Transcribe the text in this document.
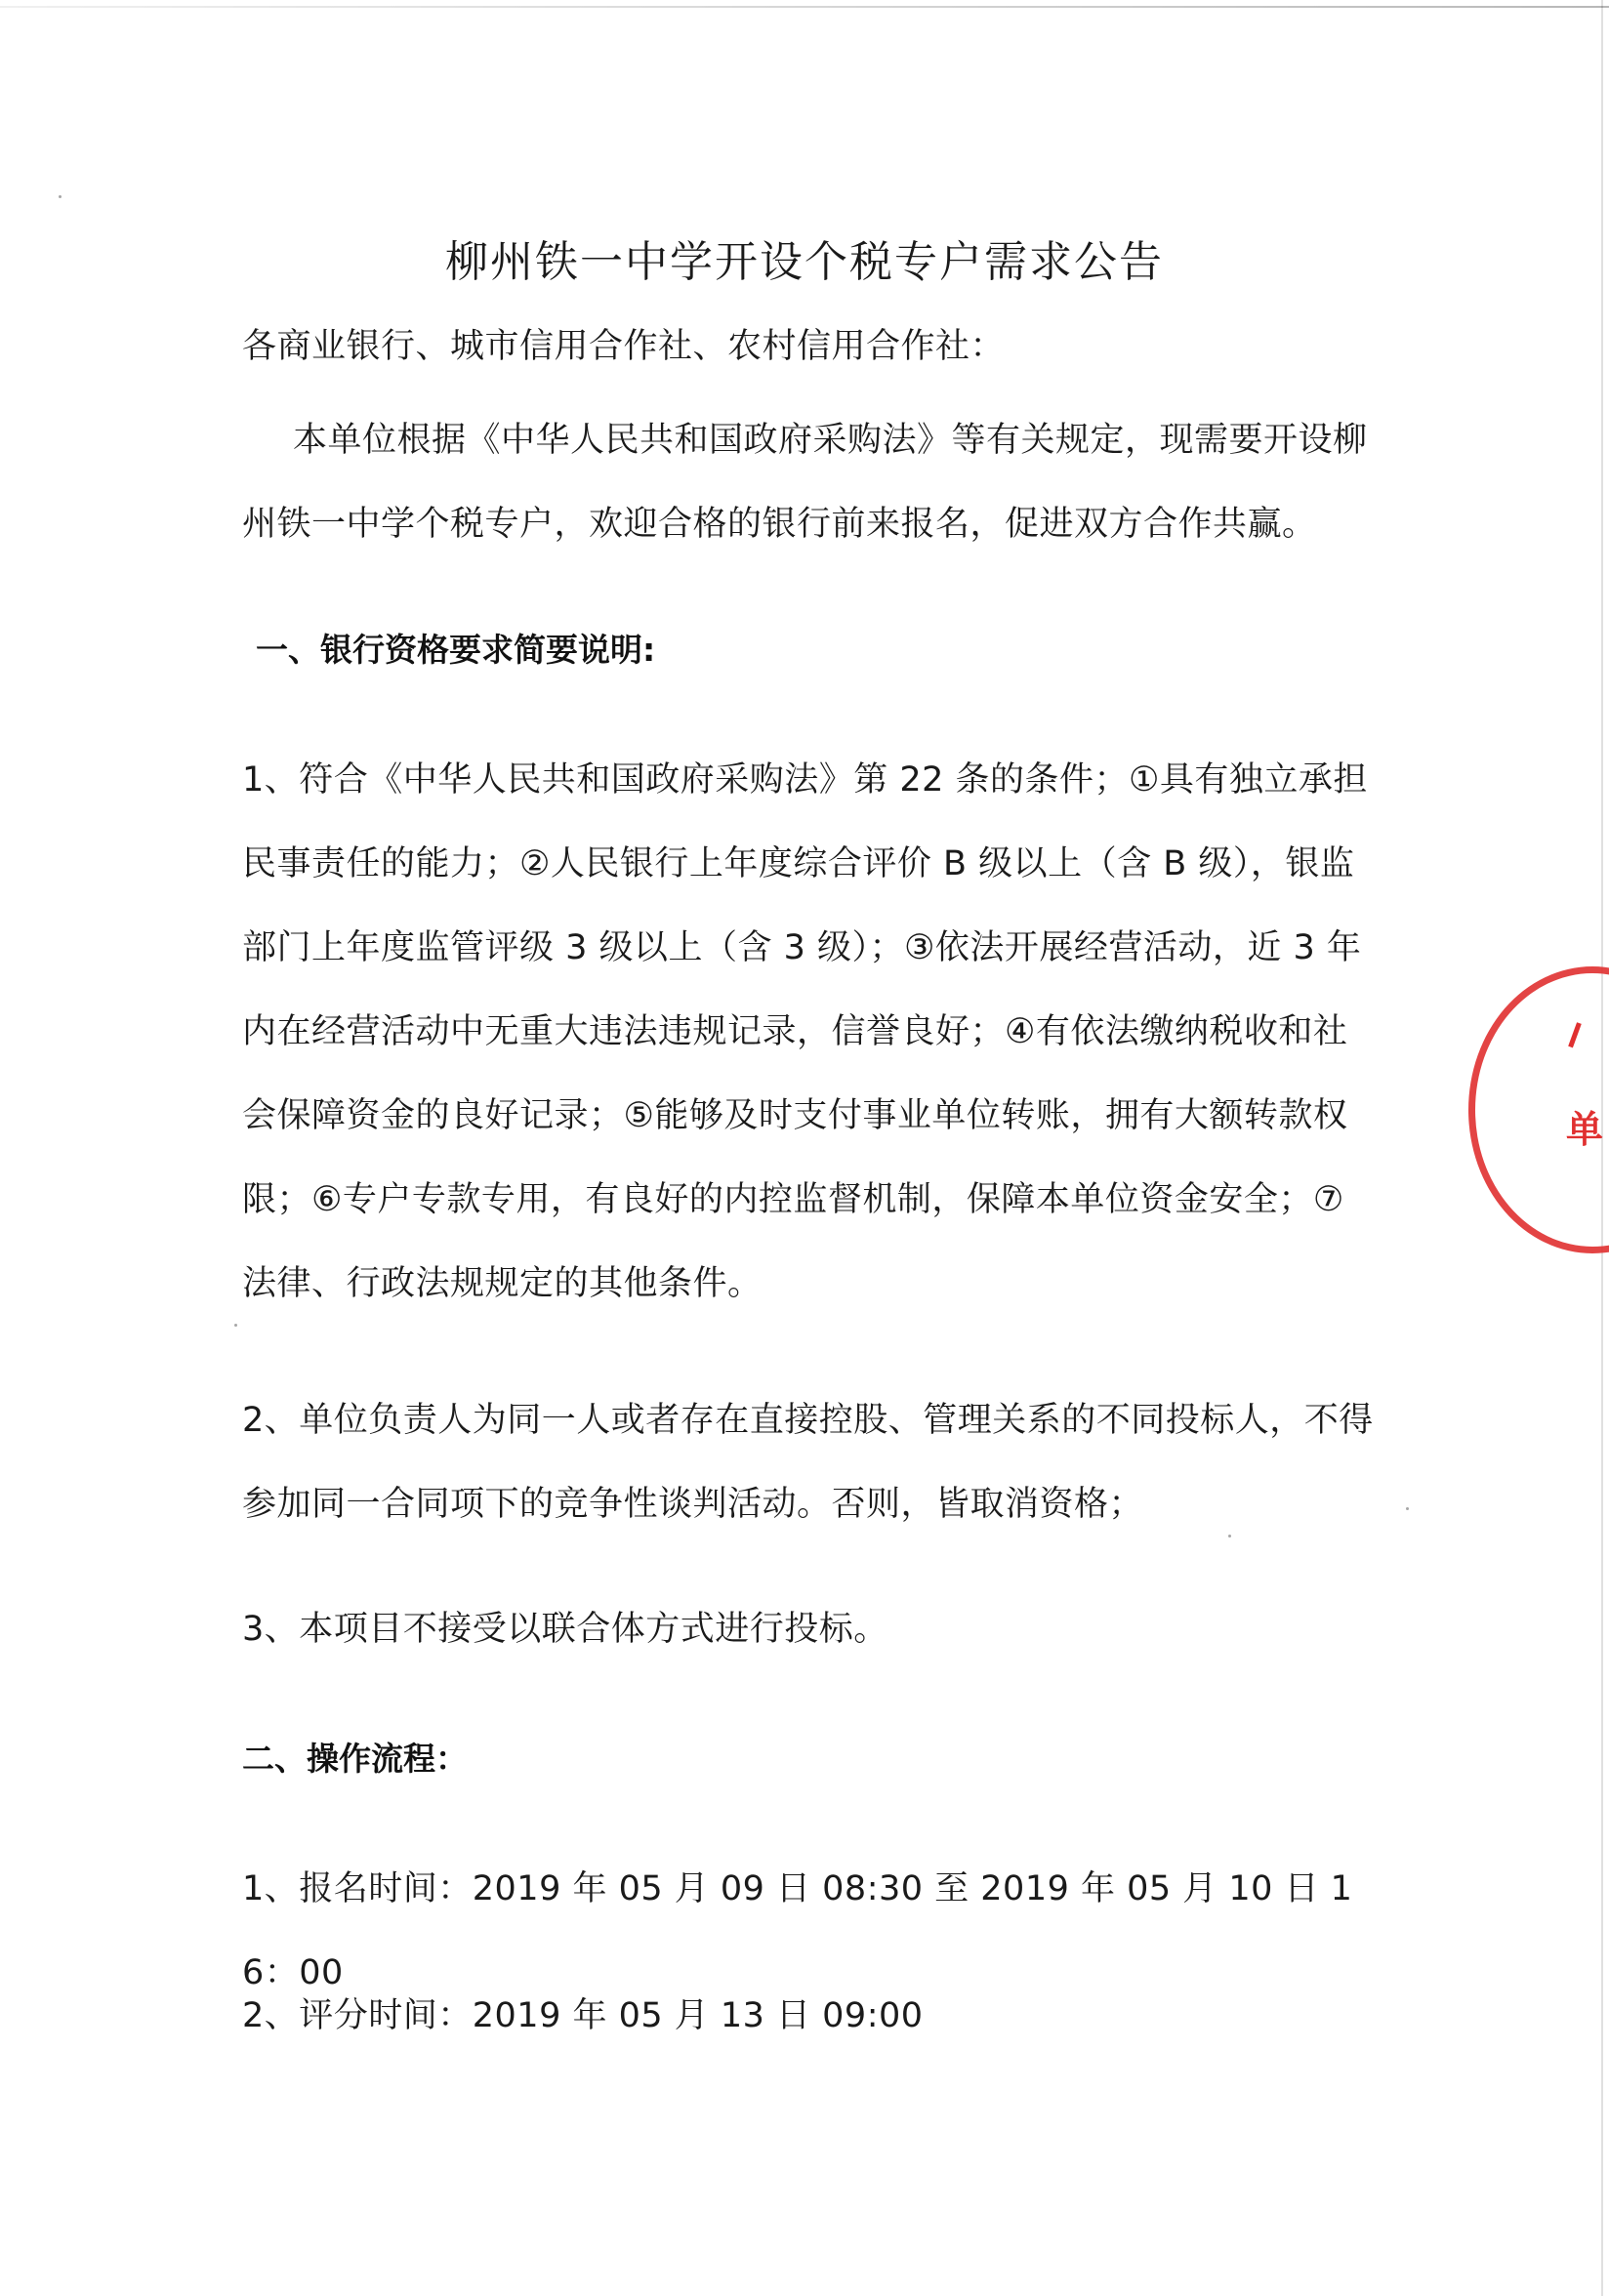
柳州铁一中学开设个税专户需求公告
各商业银行、城市信用合作社、农村信用合作社：
本单位根据《中华人民共和国政府采购法》等有关规定，现需要开设柳州铁一中学个税专户，欢迎合格的银行前来报名，促进双方合作共赢。
一、银行资格要求简要说明:
1、符合《中华人民共和国政府采购法》第 22 条的条件；①具有独立承担民事责任的能力；②人民银行上年度综合评价 B 级以上（含 B 级），银监部门上年度监管评级 3 级以上（含 3 级）；③依法开展经营活动，近 3 年内在经营活动中无重大违法违规记录，信誉良好；④有依法缴纳税收和社会保障资金的良好记录；⑤能够及时支付事业单位转账，拥有大额转款权限；⑥专户专款专用，有良好的内控监督机制，保障本单位资金安全；⑦法律、行政法规规定的其他条件。
2、单位负责人为同一人或者存在直接控股、管理关系的不同投标人，不得参加同一合同项下的竞争性谈判活动。否则，皆取消资格；
3、本项目不接受以联合体方式进行投标。
二、操作流程：
1、报名时间：2019 年 05 月 09 日 08:30 至 2019 年 05 月 10 日 16：00
2、评分时间：2019 年 05 月 13 日 09:00
单
